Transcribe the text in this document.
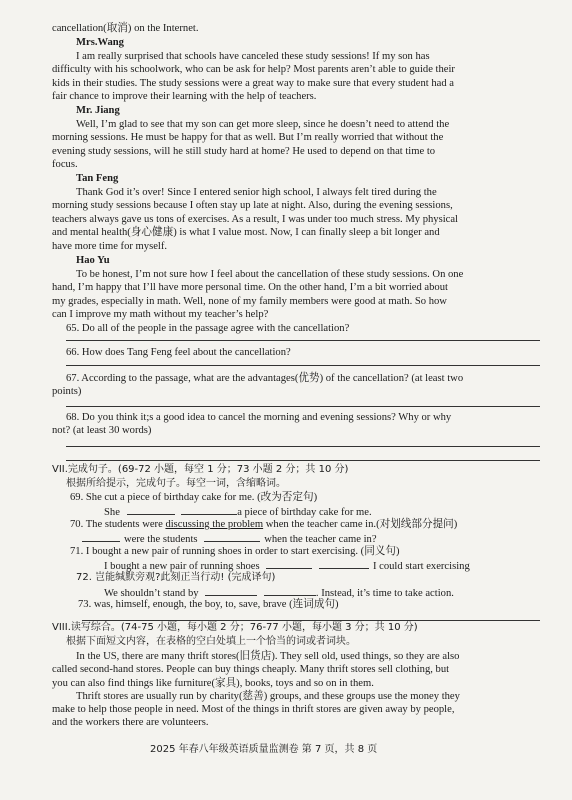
cancellation(取消) on the Internet.
Mrs.Wang
I am really surprised that schools have canceled these study sessions! If my son has
difficulty with his schoolwork, who can be ask for help? Most parents aren’t able to guide their
kids in their studies. The study sessions were a great way to make sure that every student had a
fair chance to improve their learning with the help of teachers.
Mr. Jiang
Well, I’m glad to see that my son can get more sleep, since he doesn’t need to attend the
morning sessions. He must be happy for that as well. But I’m really worried that without the
evening study sessions, will he still study hard at home? He used to depend on that time to
focus.
Tan Feng
Thank God it’s over! Since I entered senior high school, I always felt tired during the
morning study sessions because I often stay up late at night. Also, during the evening sessions,
teachers always gave us tons of exercises. As a result, I was under too much stress. My physical
and mental health(身心健康) is what I value most. Now, I can finally sleep a bit longer and
have more time for myself.
Hao Yu
To be honest, I’m not sure how I feel about the cancellation of these study sessions. On one
hand, I’m happy that I’ll have more personal time. On the other hand, I’m a bit worried about
my grades, especially in math. Well, none of my family members were good at math. So how
can I improve my math without my teacher’s help?
65. Do all of the people in the passage agree with the cancellation?
66. How does Tang Feng feel about the cancellation?
67. According to the passage, what are the advantages(优势) of the cancellation? (at least two
points)
68. Do you think it;s a good idea to cancel the morning and evening sessions? Why or why
not? (at least 30 words)
VII.完成句子。(69-72 小题，每空 1 分；73 小题 2 分；共 10 分)
根据所给提示，完成句子。每空一词，含缩略词。
69. She cut a piece of birthday cake for me. (改为否定句)
She	a piece of birthday cake for me.
70. The students were discussing the problem when the teacher came in.(对划线部分提问)
were the students	when the teacher came in?
71. I bought a new pair of running shoes in order to start exercising. (同义句)
I bought a new pair of running shoes	I could start exercising
72. 岂能缄默旁观?此刻正当行动! (完成译句)
We shouldn’t stand by	. Instead, it’s time to take action.
73. was, himself, enough, the boy, to, save, brave (连词成句)
VIII.读写综合。(74-75 小题，每小题 2 分；76-77 小题，每小题 3 分；共 10 分)
根据下面短文内容，在表格的空白处填上一个恰当的词或者词块。
In the US, there are many thrift stores(旧货店). They sell old, used things, so they are also
called second-hand stores. People can buy things cheaply. Many thrift stores sell clothing, but
you can also find things like furniture(家具), books, toys and so on in them.
Thrift stores are usually run by charity(慈善) groups, and these groups use the money they
make to help those people in need. Most of the things in thrift stores are given away by people,
and the workers there are volunteers.
2025 年春八年级英语质量监测卷 第 7 页，共 8 页
